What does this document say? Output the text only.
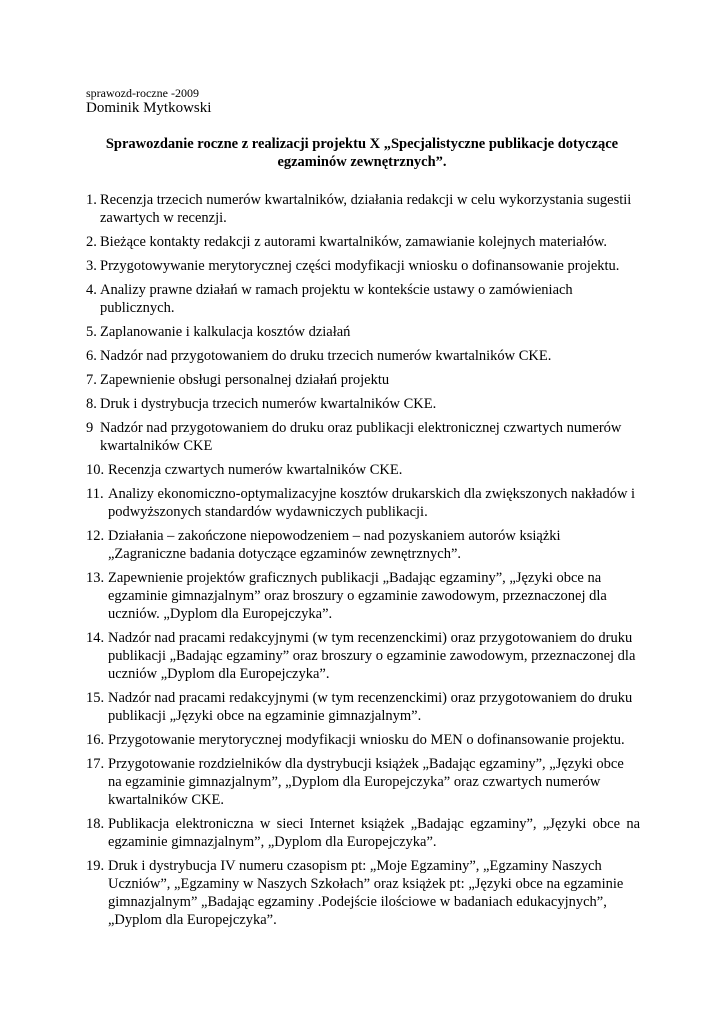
sprawozd-roczne -2009
Dominik Mytkowski
Sprawozdanie roczne z realizacji projektu X „Specjalistyczne publikacje dotyczące egzaminów zewnętrznych”.
1. Recenzja trzecich numerów kwartalników, działania redakcji w celu wykorzystania sugestii zawartych w recenzji.
2. Bieżące kontakty redakcji z autorami kwartalników, zamawianie kolejnych materiałów.
3. Przygotowywanie merytorycznej części modyfikacji wniosku o dofinansowanie projektu.
4. Analizy prawne działań w ramach projektu w kontekście ustawy o zamówieniach publicznych.
5. Zaplanowanie i kalkulacja kosztów działań
6. Nadzór nad przygotowaniem do druku trzecich numerów kwartalników CKE.
7. Zapewnienie obsługi personalnej działań projektu
8. Druk i dystrybucja trzecich numerów kwartalników CKE.
9 Nadzór nad przygotowaniem do druku oraz publikacji elektronicznej czwartych numerów kwartalników CKE
10. Recenzja czwartych numerów kwartalników CKE.
11. Analizy ekonomiczno-optymalizacyjne kosztów drukarskich dla zwiększonych nakładów i podwyższonych standardów wydawniczych publikacji.
12. Działania – zakończone niepowodzeniem – nad pozyskaniem autorów książki „Zagraniczne badania dotyczące egzaminów zewnętrznych”.
13. Zapewnienie projektów graficznych publikacji „Badając egzaminy”, „Języki obce na egzaminie gimnazjalnym” oraz broszury o egzaminie zawodowym, przeznaczonej dla uczniów. „Dyplom dla Europejczyka”.
14. Nadzór nad pracami redakcyjnymi (w tym recenzenckimi) oraz przygotowaniem do druku publikacji „Badając egzaminy” oraz broszury o egzaminie zawodowym, przeznaczonej dla uczniów „Dyplom dla Europejczyka”.
15. Nadzór nad pracami redakcyjnymi (w tym recenzenckimi) oraz przygotowaniem do druku publikacji „Języki obce na egzaminie gimnazjalnym”.
16. Przygotowanie merytorycznej modyfikacji wniosku do MEN o dofinansowanie projektu.
17. Przygotowanie rozdzielników dla dystrybucji książek „Badając egzaminy”, „Języki obce na egzaminie gimnazjalnym”, „Dyplom dla Europejczyka” oraz czwartych numerów kwartalników CKE.
18. Publikacja elektroniczna w sieci Internet książek „Badając egzaminy”, „Języki obce na egzaminie gimnazjalnym”, „Dyplom dla Europejczyka”.
19. Druk i dystrybucja IV numeru czasopism pt: „Moje Egzaminy”, „Egzaminy Naszych Uczniów”, „Egzaminy w Naszych Szkołach” oraz książek pt: „Języki obce na egzaminie gimnazjalnym” „Badając egzaminy .Podejście ilościowe w badaniach edukacyjnych”, „Dyplom dla Europejczyka”.
